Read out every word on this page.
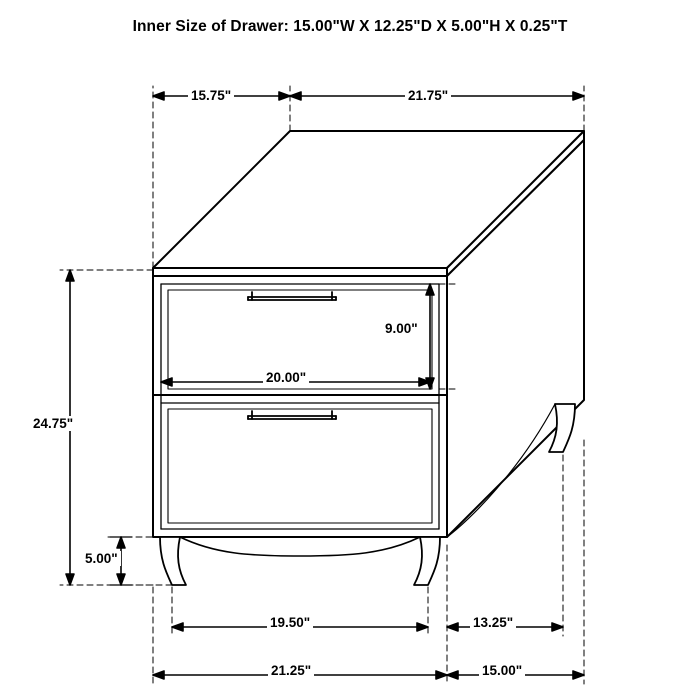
Inner Size of Drawer: 15.00"W X 12.25"D X 5.00"H X 0.25"T
15.75"	21.75"
9.00"
20.00"
24.75"
5.00"
19.50"	13.25"
21.25"	15.00"
